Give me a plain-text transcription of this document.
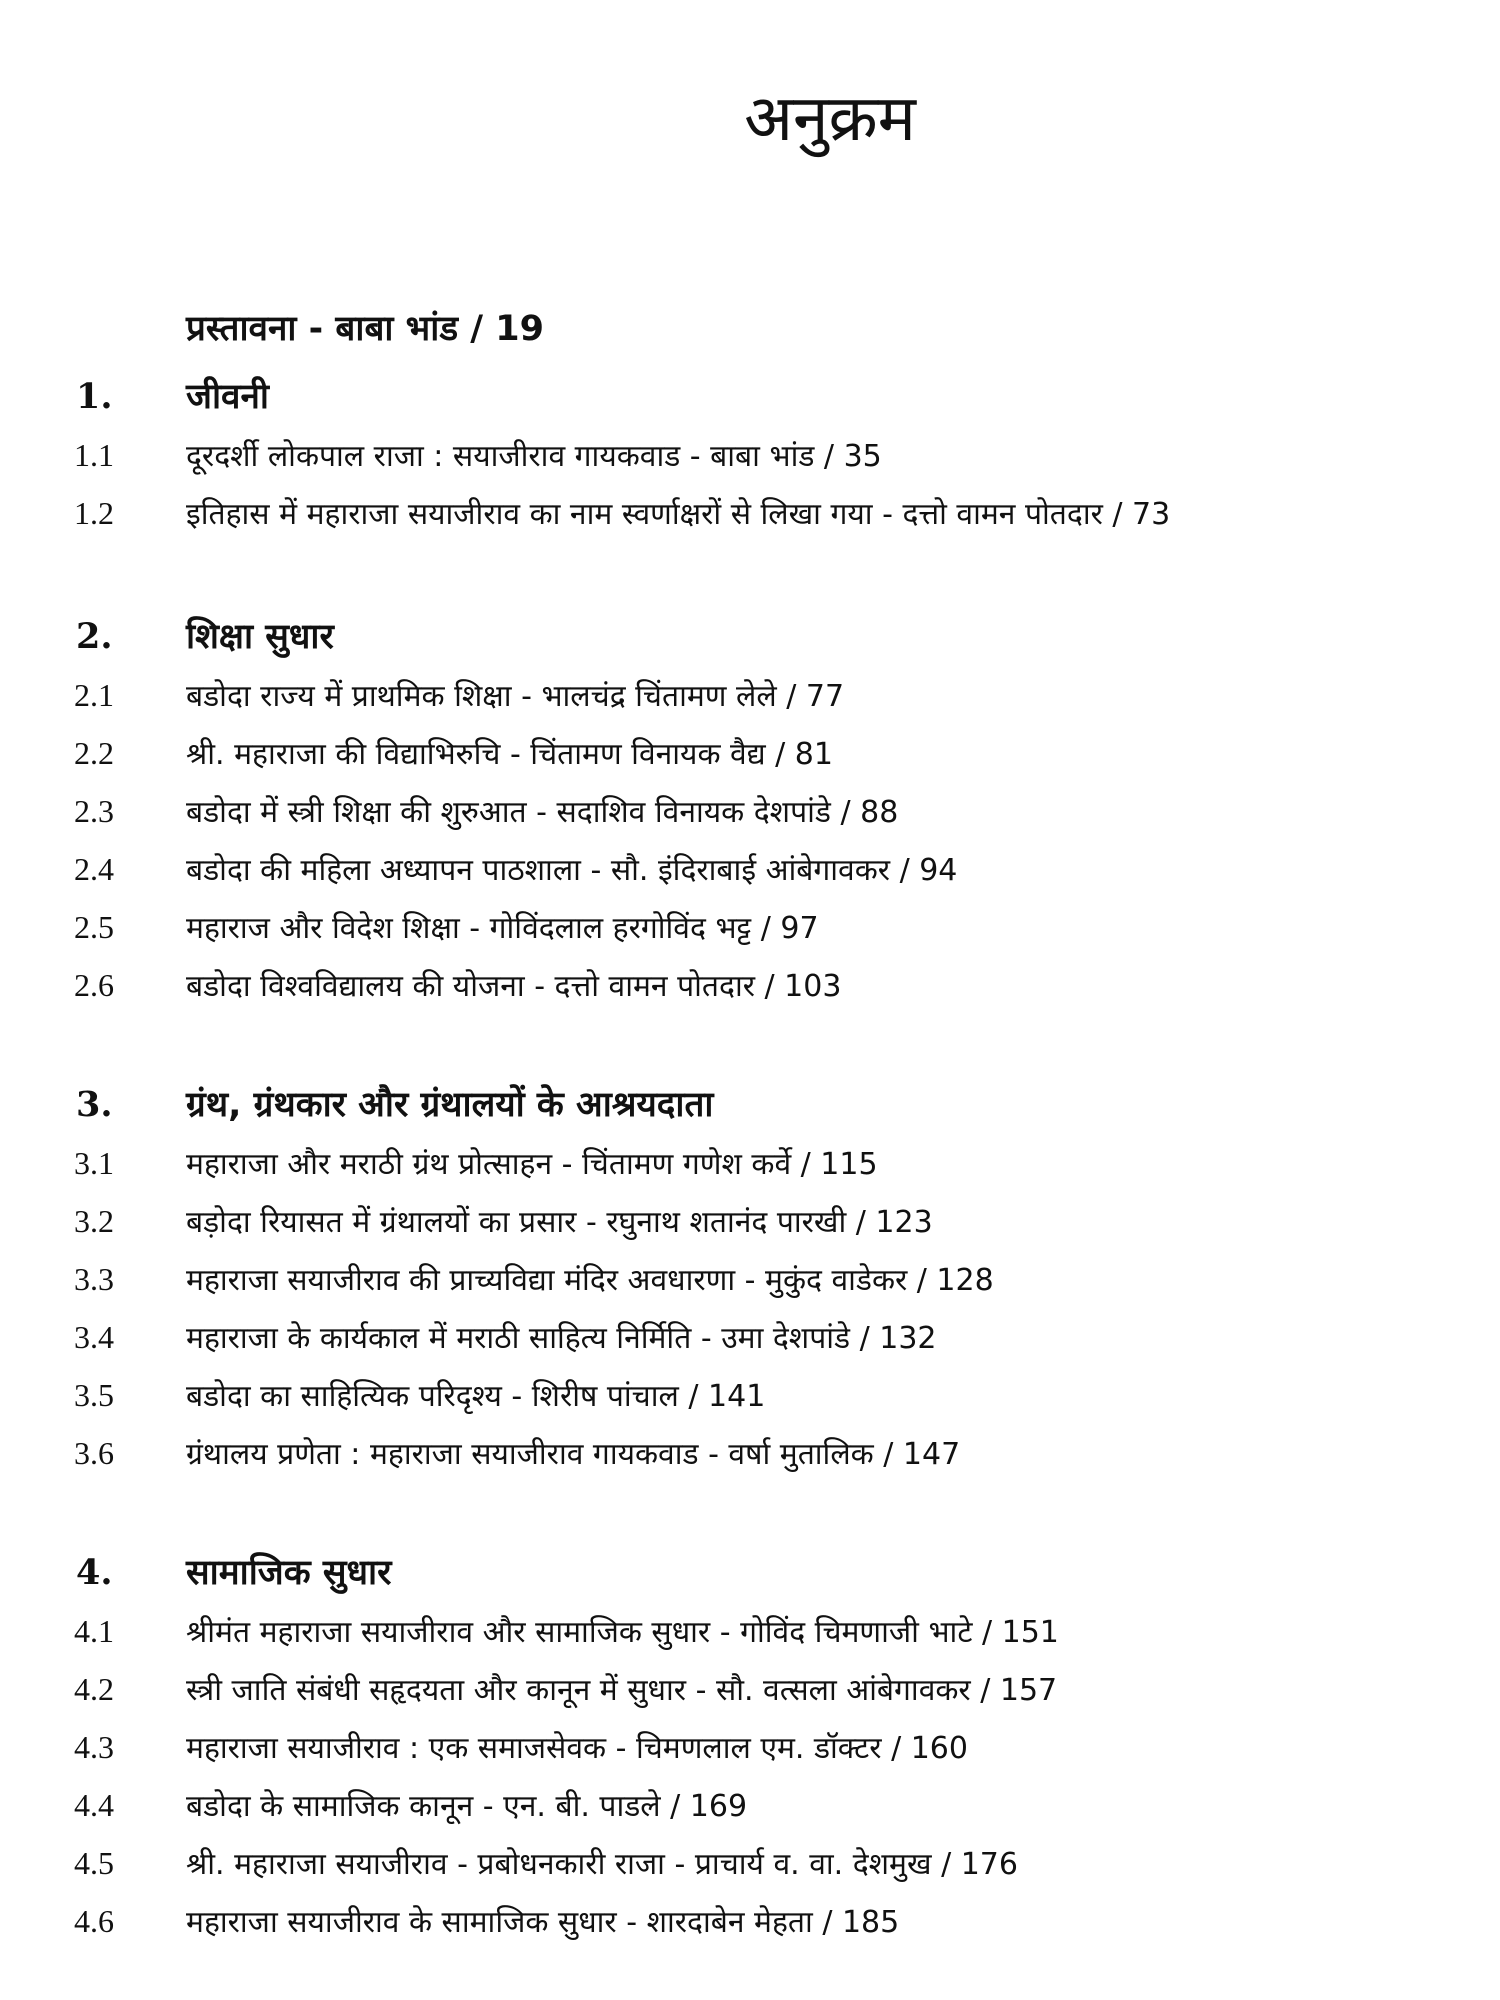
अनुक्रम
प्रस्तावना - बाबा भांड / 19
1.	जीवनी
1.1	दूरदर्शी लोकपाल राजा : सयाजीराव गायकवाड - बाबा भांड / 35
1.2	इतिहास में महाराजा सयाजीराव का नाम स्वर्णाक्षरों से लिखा गया - दत्तो वामन पोतदार / 73
2.	शिक्षा सुधार
2.1	बडोदा राज्य में प्राथमिक शिक्षा - भालचंद्र चिंतामण लेले / 77
2.2	श्री. महाराजा की विद्याभिरुचि - चिंतामण विनायक वैद्य / 81
2.3	बडोदा में स्त्री शिक्षा की शुरुआत - सदाशिव विनायक देशपांडे / 88
2.4	बडोदा की महिला अध्यापन पाठशाला - सौ. इंदिराबाई आंबेगावकर / 94
2.5	महाराज और विदेश शिक्षा - गोविंदलाल हरगोविंद भट्ट / 97
2.6	बडोदा विश्वविद्यालय की योजना - दत्तो वामन पोतदार / 103
3.	ग्रंथ, ग्रंथकार और ग्रंथालयों के आश्रयदाता
3.1	महाराजा और मराठी ग्रंथ प्रोत्साहन - चिंतामण गणेश कर्वे / 115
3.2	बड़ोदा रियासत में ग्रंथालयों का प्रसार - रघुनाथ शतानंद पारखी / 123
3.3	महाराजा सयाजीराव की प्राच्यविद्या मंदिर अवधारणा - मुकुंद वाडेकर / 128
3.4	महाराजा के कार्यकाल में मराठी साहित्य निर्मिति - उमा देशपांडे / 132
3.5	बडोदा का साहित्यिक परिदृश्य - शिरीष पांचाल / 141
3.6	ग्रंथालय प्रणेता : महाराजा सयाजीराव गायकवाड - वर्षा मुतालिक / 147
4.	सामाजिक सुधार
4.1	श्रीमंत महाराजा सयाजीराव और सामाजिक सुधार - गोविंद चिमणाजी भाटे / 151
4.2	स्त्री जाति संबंधी सहृदयता और कानून में सुधार - सौ. वत्सला आंबेगावकर / 157
4.3	महाराजा सयाजीराव : एक समाजसेवक - चिमणलाल एम. डॉक्टर / 160
4.4	बडोदा के सामाजिक कानून - एन. बी. पाडले / 169
4.5	श्री. महाराजा सयाजीराव - प्रबोधनकारी राजा - प्राचार्य व. वा. देशमुख / 176
4.6	महाराजा सयाजीराव के सामाजिक सुधार - शारदाबेन मेहता / 185
